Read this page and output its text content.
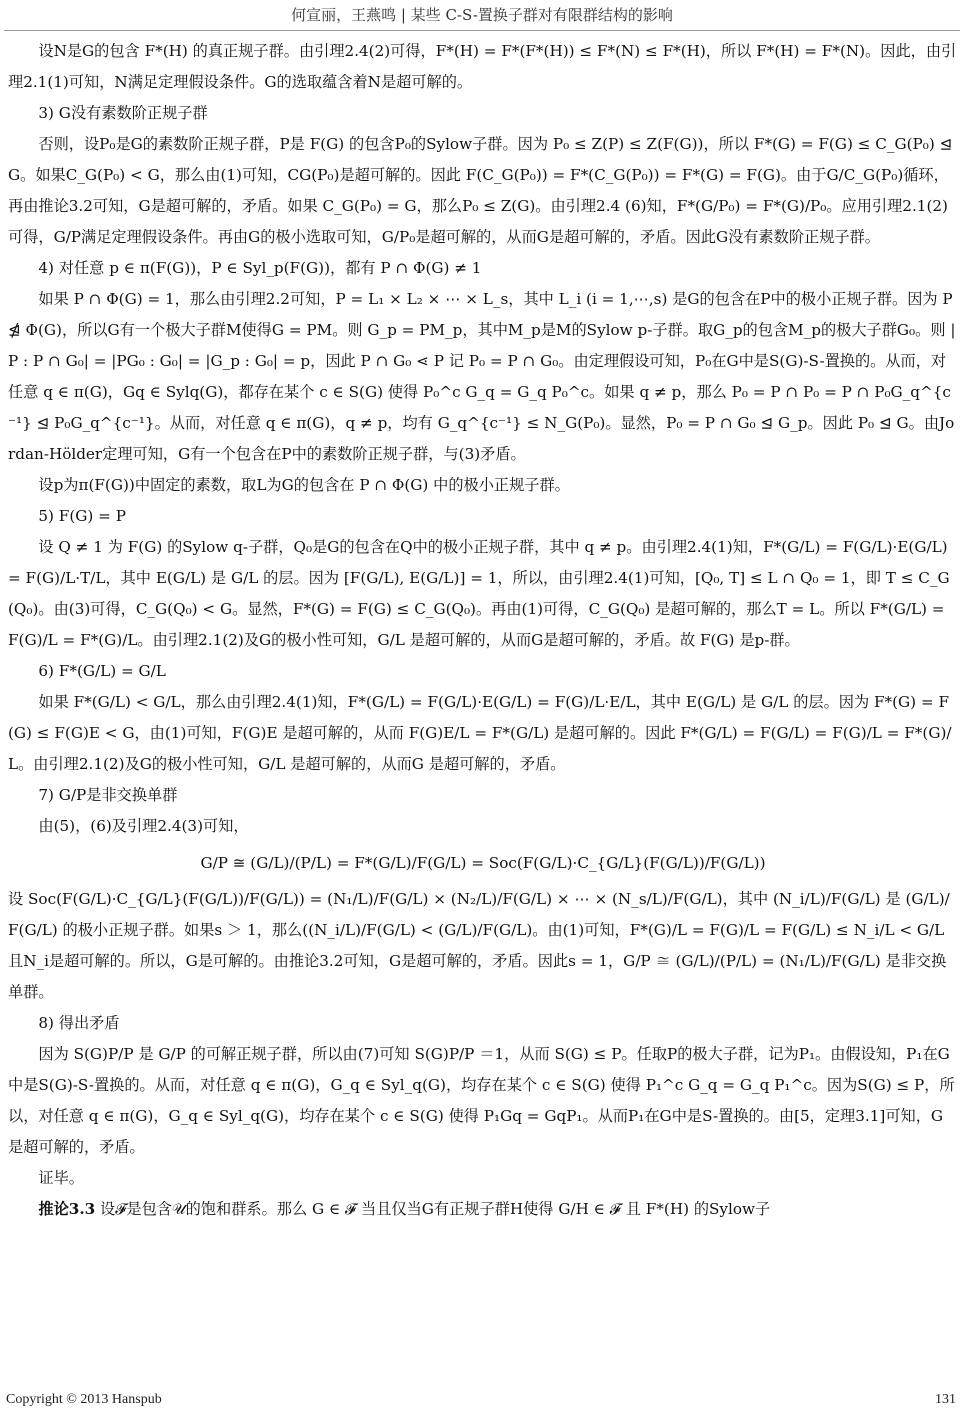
何宣丽，王燕鸣 | 某些 C-S-置换子群对有限群结构的影响

设N是G的包含 F*(H) 的真正规子群。由引理2.4(2)可得，F*(H) = F*(F*(H)) ≤ F*(N) ≤ F*(H)，所以 F*(H) = F*(N)。因此，由引理2.1(1)可知，N满足定理假设条件。G的选取蕴含着N是超可解的。

3) G没有素数阶正规子群

否则，设P₀是G的素数阶正规子群，P是 F(G) 的包含P₀的Sylow子群。因为 P₀ ≤ Z(P) ≤ Z(F(G))，所以 F*(G) = F(G) ≤ C_G(P₀) ⊴ G。如果C_G(P₀) < G，那么由(1)可知，CG(P₀)是超可解的。因此 F(C_G(P₀)) = F*(C_G(P₀)) = F*(G) = F(G)。由于G/C_G(P₀)循环，再由推论3.2可知，G是超可解的，矛盾。如果 C_G(P₀) = G，那么P₀ ≤ Z(G)。由引理2.4 (6)知，F*(G/P₀) = F*(G)/P₀。应用引理2.1(2)可得，G/P满足定理假设条件。再由G的极小选取可知，G/P₀是超可解的，从而G是超可解的，矛盾。因此G没有素数阶正规子群。

4) 对任意 p ∈ π(F(G))，P ∈ Syl_p(F(G))，都有 P ∩ Φ(G) ≠ 1

如果 P ∩ Φ(G) = 1，那么由引理2.2可知，P = L₁ × L₂ × ⋯ × L_s，其中 L_i (i = 1,⋯,s) 是G的包含在P中的极小正规子群。因为 P ⋬ Φ(G)，所以G有一个极大子群M使得G = PM。则 G_p = PM_p，其中M_p是M的Sylow p-子群。取G_p的包含M_p的极大子群G₀。则 |P : P ∩ G₀| = |PG₀ : G₀| = |G_p : G₀| = p，因此 P ∩ G₀ ⋖ P 记 P₀ = P ∩ G₀。由定理假设可知，P₀在G中是S(G)-S-置换的。从而，对任意 q ∈ π(G)，Gq ∈ Sylq(G)，都存在某个 c ∈ S(G) 使得 P₀^c G_q = G_q P₀^c。如果 q ≠ p，那么 P₀ = P ∩ P₀ = P ∩ P₀G_q^{c⁻¹} ⊴ P₀G_q^{c⁻¹}。从而，对任意 q ∈ π(G)，q ≠ p，均有 G_q^{c⁻¹} ≤ N_G(P₀)。显然，P₀ = P ∩ G₀ ⊴ G_p。因此 P₀ ⊴ G。由Jordan-Hölder定理可知，G有一个包含在P中的素数阶正规子群，与(3)矛盾。

设p为π(F(G))中固定的素数，取L为G的包含在 P ∩ Φ(G) 中的极小正规子群。

5) F(G) = P

设 Q ≠ 1 为 F(G) 的Sylow q-子群，Q₀是G的包含在Q中的极小正规子群，其中 q ≠ p。由引理2.4(1)知，F*(G/L) = F(G/L)·E(G/L) = F(G)/L·T/L，其中 E(G/L) 是 G/L 的层。因为 [F(G/L), E(G/L)] = 1，所以，由引理2.4(1)可知，[Q₀, T] ≤ L ∩ Q₀ = 1，即 T ≤ C_G(Q₀)。由(3)可得，C_G(Q₀) < G。显然，F*(G) = F(G) ≤ C_G(Q₀)。再由(1)可得，C_G(Q₀) 是超可解的，那么T = L。所以 F*(G/L) = F(G)/L = F*(G)/L。由引理2.1(2)及G的极小性可知，G/L 是超可解的，从而G是超可解的，矛盾。故 F(G) 是p-群。

6) F*(G/L) = G/L

如果 F*(G/L) < G/L，那么由引理2.4(1)知，F*(G/L) = F(G/L)·E(G/L) = F(G)/L·E/L，其中 E(G/L) 是 G/L 的层。因为 F*(G) = F(G) ≤ F(G)E < G，由(1)可知，F(G)E 是超可解的，从而 F(G)E/L = F*(G/L) 是超可解的。因此 F*(G/L) = F(G/L) = F(G)/L = F*(G)/L。由引理2.1(2)及G的极小性可知，G/L 是超可解的，从而G 是超可解的，矛盾。

7) G/P是非交换单群

由(5)，(6)及引理2.4(3)可知，

G/P ≅ (G/L)/(P/L) = F*(G/L)/F(G/L) = Soc(F(G/L)·C_{G/L}(F(G/L))/F(G/L))

设 Soc(F(G/L)·C_{G/L}(F(G/L))/F(G/L)) = (N₁/L)/F(G/L) × (N₂/L)/F(G/L) × ⋯ × (N_s/L)/F(G/L)，其中 (N_i/L)/F(G/L) 是 (G/L)/F(G/L) 的极小正规子群。如果s ＞ 1，那么((N_i/L)/F(G/L) < (G/L)/F(G/L)。由(1)可知，F*(G)/L = F(G)/L = F(G/L) ≤ N_i/L < G/L 且N_i是超可解的。所以，G是可解的。由推论3.2可知，G是超可解的，矛盾。因此s = 1，G/P ≅ (G/L)/(P/L) = (N₁/L)/F(G/L) 是非交换单群。

8) 得出矛盾

因为 S(G)P/P 是 G/P 的可解正规子群，所以由(7)可知 S(G)P/P ＝1，从而 S(G) ≤ P。任取P的极大子群，记为P₁。由假设知，P₁在G中是S(G)-S-置换的。从而，对任意 q ∈ π(G)，G_q ∈ Syl_q(G)，均存在某个 c ∈ S(G) 使得 P₁^c G_q = G_q P₁^c。因为S(G) ≤ P，所以，对任意 q ∈ π(G)，G_q ∈ Syl_q(G)，均存在某个 c ∈ S(G) 使得 P₁Gq = GqP₁。从而P₁在G中是S-置换的。由[5，定理3.1]可知，G是超可解的，矛盾。

证毕。

推论3.3 设𝓕是包含𝒰的饱和群系。那么 G ∈ 𝓕 当且仅当G有正规子群H使得 G/H ∈ 𝓕 且 F*(H) 的Sylow子

Copyright © 2013 Hanspub	131
